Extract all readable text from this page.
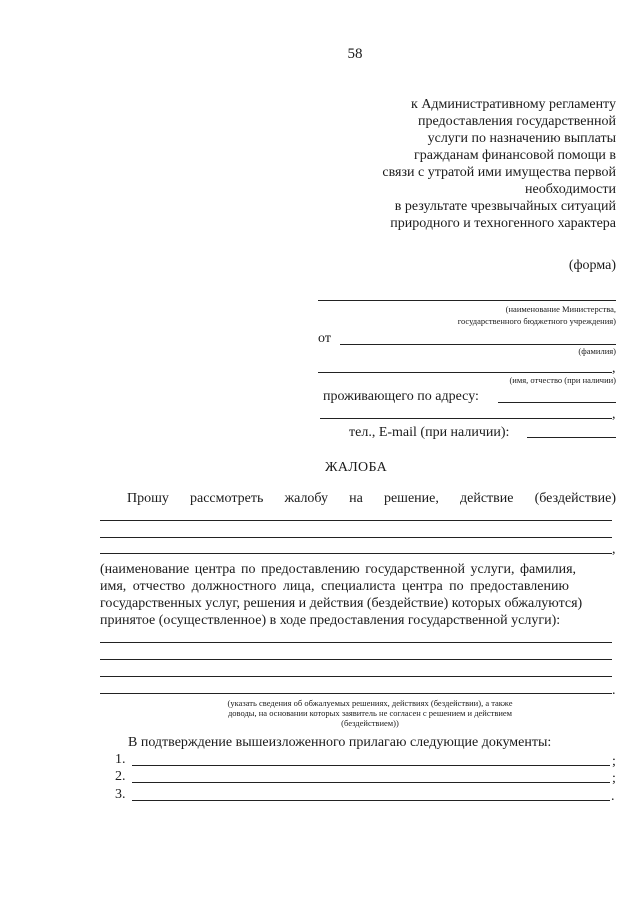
58
к Административному регламенту
предоставления государственной
услуги по назначению выплаты
гражданам финансовой помощи в
связи с утратой ими имущества первой
необходимости
в результате чрезвычайных ситуаций
природного и техногенного характера
(форма)
(наименование Министерства,
государственного бюджетного учреждения)
от
(фамилия)
,
(имя, отчество (при наличии)
проживающего по адресу:
,
тел., E-mail (при наличии):
ЖАЛОБА
Прошу рассмотреть жалобу на решение, действие (бездействие)
,
(наименование центра по предоставлению государственной услуги, фамилия,
имя, отчество должностного лица, специалиста центра по предоставлению
государственных услуг, решения и действия (бездействие) которых обжалуются)
принятое (осуществленное) в ходе предоставления государственной услуги):
.
(указать сведения об обжалуемых решениях, действиях (бездействии), а также
доводы, на основании которых заявитель не согласен с решением и действием
(бездействием))
В подтверждение вышеизложенного прилагаю следующие документы:
1.	;
2.	;
3.	.
